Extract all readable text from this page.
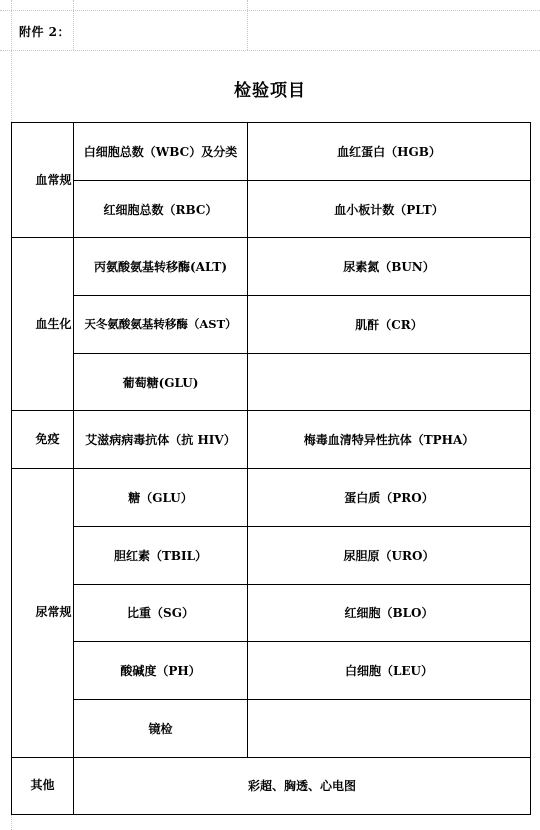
附件 2：
检验项目
血常规	白细胞总数（WBC）及分类	血红蛋白（HGB）
	红细胞总数（RBC）	血小板计数（PLT）
血生化	丙氨酸氨基转移酶(ALT)	尿素氮（BUN）
	天冬氨酸氨基转移酶（AST）	肌酐（CR）
	葡萄糖(GLU)	
免疫	艾滋病病毒抗体（抗 HIV）	梅毒血清特异性抗体（TPHA）
尿常规	糖（GLU）	蛋白质（PRO）
	胆红素（TBIL）	尿胆原（URO）
	比重（SG）	红细胞（BLO）
	酸碱度（PH）	白细胞（LEU）
	镜检	
其他	彩超、胸透、心电图	
